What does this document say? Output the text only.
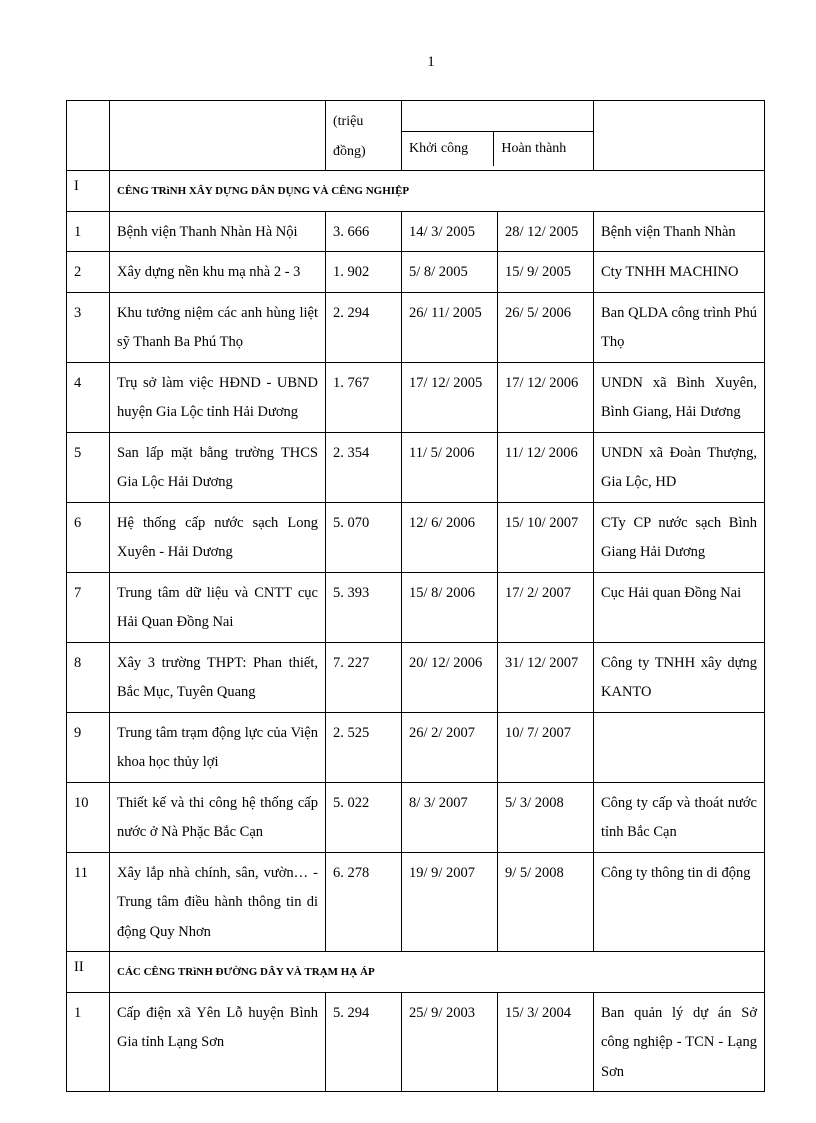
1
		(triệu đồng)		Khởi công	Hoàn thành

I	CÊNG TRìNH XÂY DỰNG DÂN DỤNG VÀ CÊNG NGHIỆP
1	Bệnh viện Thanh Nhàn Hà Nội	3. 666	14/ 3/ 2005	28/ 12/ 2005	Bệnh viện Thanh Nhàn
2	Xây dựng nền khu mạ nhà 2 - 3	1. 902	5/ 8/ 2005	15/ 9/ 2005	Cty TNHH MACHINO
3	Khu tưởng niệm các anh hùng liệt sỹ Thanh Ba Phú Thọ	2. 294	26/ 11/ 2005	26/ 5/ 2006	Ban QLDA công trình Phú Thọ
4	Trụ sở làm việc HĐND - UBND huyện Gia Lộc tỉnh Hải Dương	1. 767	17/ 12/ 2005	17/ 12/ 2006	UNDN xã Bình Xuyên, Bình Giang, Hải Dương
5	San lấp mặt bằng trường THCS Gia Lộc Hải Dương	2. 354	11/ 5/ 2006	11/ 12/ 2006	UNDN xã Đoàn Thượng, Gia Lộc, HD
6	Hệ thống cấp nước sạch Long Xuyên - Hải Dương	5. 070	12/ 6/ 2006	15/ 10/ 2007	CTy CP nước sạch Bình Giang Hải Dương
7	Trung tâm dữ liệu và CNTT cục Hải Quan Đồng Nai	5. 393	15/ 8/ 2006	17/ 2/ 2007	Cục Hải quan Đồng Nai
8	Xây 3 trường THPT: Phan thiết, Bắc Mục, Tuyên Quang	7. 227	20/ 12/ 2006	31/ 12/ 2007	Công ty TNHH xây dựng KANTO
9	Trung tâm trạm động lực của Viện khoa học thủy lợi	2. 525	26/ 2/ 2007	10/ 7/ 2007	
10	Thiết kế và thi công hệ thống cấp nước ở Nà Phặc Bắc Cạn	5. 022	8/ 3/ 2007	5/ 3/ 2008	Công ty cấp và thoát nước tỉnh Bắc Cạn
11	Xây lắp nhà chính, sân, vườn… - Trung tâm điều hành thông tin di động Quy Nhơn	6. 278	19/ 9/ 2007	9/ 5/ 2008	Công ty thông tin di động
II	CÁC CÊNG TRìNH ĐƯỜNG DÂY VÀ TRẠM HẠ ÁP
1	Cấp điện xã Yên Lỗ huyện Bình Gia tỉnh Lạng Sơn	5. 294	25/ 9/ 2003	15/ 3/ 2004	Ban quản lý dự án Sở công nghiệp - TCN - Lạng Sơn
